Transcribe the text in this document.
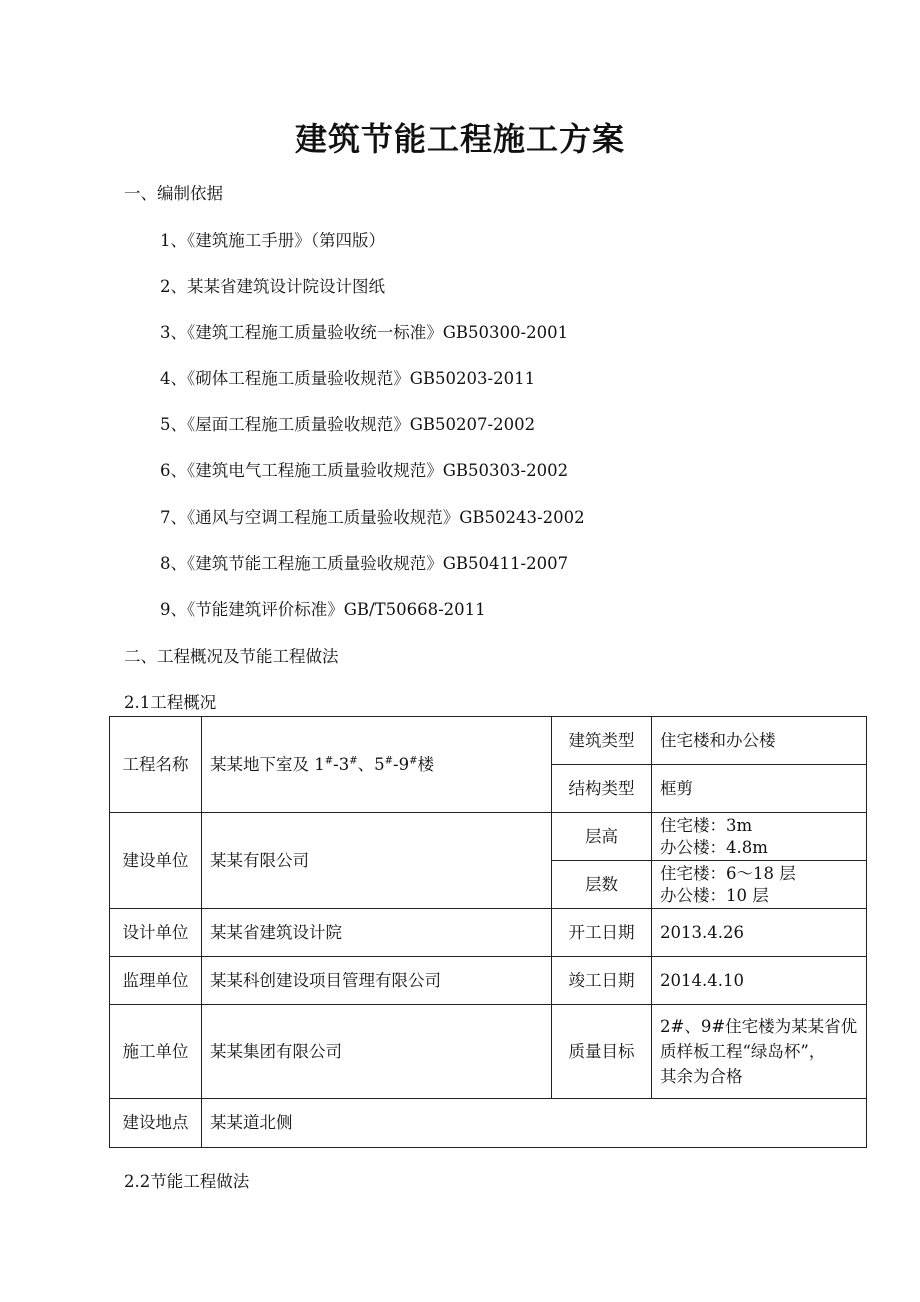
建筑节能工程施工方案
一、编制依据
1、《建筑施工手册》（第四版）
2、某某省建筑设计院设计图纸
3、《建筑工程施工质量验收统一标准》GB50300-2001
4、《砌体工程施工质量验收规范》GB50203-2011
5、《屋面工程施工质量验收规范》GB50207-2002
6、《建筑电气工程施工质量验收规范》GB50303-2002
7、《通风与空调工程施工质量验收规范》GB50243-2002
8、《建筑节能工程施工质量验收规范》GB50411-2007
9、《节能建筑评价标准》GB/T50668-2011
二、工程概况及节能工程做法
2.1工程概况
工程名称	某某地下室及 1#-3#、5#-9#楼	建筑类型	住宅楼和办公楼
		结构类型	框剪
建设单位	某某有限公司	层高	住宅楼：3m
办公楼：4.8m

		层数	住宅楼：6～18 层
办公楼：10 层

设计单位	某某省建筑设计院	开工日期	2013.4.26
监理单位	某某科创建设项目管理有限公司	竣工日期	2014.4.10
施工单位	某某集团有限公司	质量目标	2#、9#住宅楼为某某省优
质样板工程“绿岛杯”，
其余为合格

建设地点	某某道北侧		
2.2节能工程做法
